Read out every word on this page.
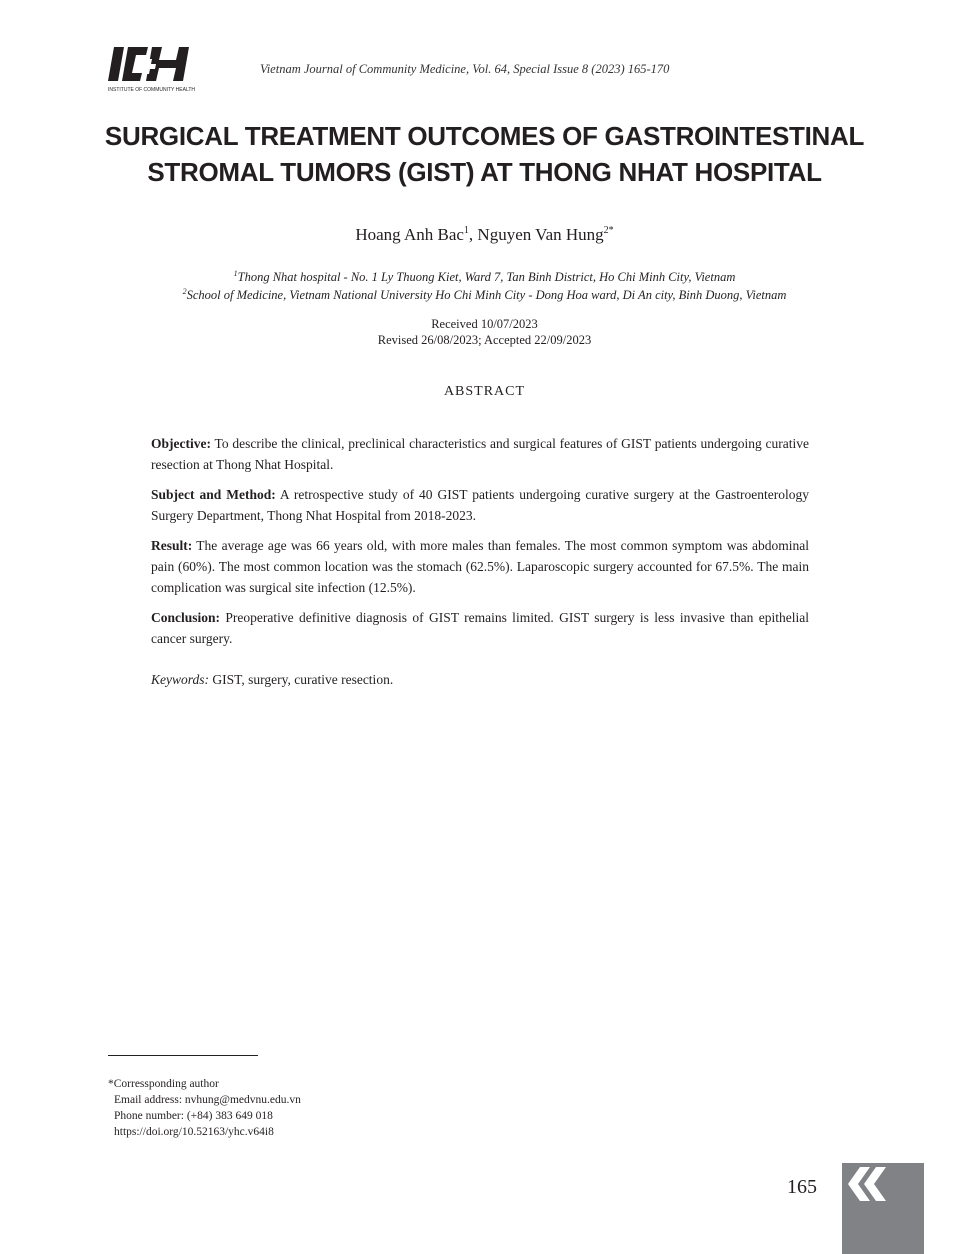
INSTITUTE OF COMMUNITY HEALTH
Vietnam Journal of Community Medicine, Vol. 64, Special Issue 8 (2023) 165-170
SURGICAL TREATMENT OUTCOMES OF GASTROINTESTINAL
STROMAL TUMORS (GIST) AT THONG NHAT HOSPITAL
Hoang Anh Bac$^1$, Nguyen Van Hung$^{2*}$
$^1$Thong Nhat hospital - No. 1 Ly Thuong Kiet, Ward 7, Tan Binh District, Ho Chi Minh City, Vietnam
$^2$School of Medicine, Vietnam National University Ho Chi Minh City - Dong Hoa ward, Di An city, Binh Duong, Vietnam
Received 10/07/2023
Revised 26/08/2023; Accepted 22/09/2023
ABSTRACT

Objective: To describe the clinical, preclinical characteristics and surgical features of GIST patients undergoing curative resection at Thong Nhat Hospital.

Subject and Method: A retrospective study of 40 GIST patients undergoing curative surgery at the Gastroenterology Surgery Department, Thong Nhat Hospital from 2018-2023.

Result: The average age was 66 years old, with more males than females. The most common symptom was abdominal pain (60%). The most common location was the stomach (62.5%). Laparoscopic surgery accounted for 67.5%. The main complication was surgical site infection (12.5%).

Conclusion: Preoperative definitive diagnosis of GIST remains limited. GIST surgery is less invasive than epithelial cancer surgery.

Keywords: GIST, surgery, curative resection.

*Corressponding author
Email address: nvhung@medvnu.edu.vn
Phone number: (+84) 383 649 018
https://doi.org/10.52163/yhc.v64i8
165
